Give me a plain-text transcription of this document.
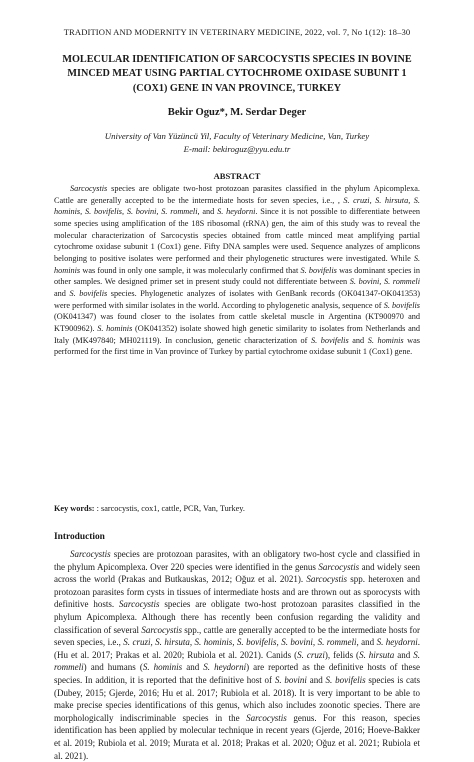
TRADITION AND MODERNITY IN VETERINARY MEDICINE, 2022, vol. 7, No 1(12): 18–30
MOLECULAR IDENTIFICATION OF SARCOCYSTIS SPECIES IN BOVINE
MINCED MEAT USING PARTIAL CYTOCHROME OXIDASE SUBUNIT 1
(COX1) GENE IN VAN PROVINCE, TURKEY

Bekir Oguz*, M. Serdar Deger

University of Van Yüzüncü Yil, Faculty of Veterinary Medicine, Van, Turkey
E-mail: bekiroguz@yyu.edu.tr

ABSTRACT

Sarcocystis species are obligate two-host protozoan parasites classified in the phylum Apicomplexa. Cattle are generally accepted to be the intermediate hosts for seven species, i.e., , S. cruzi, S. hirsuta, S. hominis, S. bovifelis, S. bovini, S. rommeli, and S. heydorni. Since it is not possible to differentiate between some species using amplification of the 18S ribosomal (rRNA) gen, the aim of this study was to reveal the molecular characterization of Sarcocystis species obtained from cattle minced meat amplifying partial cytochrome oxidase subunit 1 (Cox1) gene. Fifty DNA samples were used. Sequence analyzes of amplicons belonging to positive isolates were performed and their phylogenetic structures were investigated. While S. hominis was found in only one sample, it was molecularly confirmed that S. bovifelis was dominant species in other samples. We designed primer set in present study could not differentiate between S. bovini, S. rommeli and S. bovifelis species. Phylogenetic analyzes of isolates with GenBank records (OK041347-OK041353) were performed with similar isolates in the world. According to phylogenetic analysis, sequence of S. bovifelis (OK041347) was found closer to the isolates from cattle skeletal muscle in Argentina (KT900970 and KT900962). S. hominis (OK041352) isolate showed high genetic similarity to isolates from Netherlands and Italy (MK497840; MH021119). In conclusion, genetic characterization of S. bovifelis and S. hominis was performed for the first time in Van province of Turkey by partial cytochrome oxidase subunit 1 (Cox1) gene.

Key words: : sarcocystis, cox1, cattle, PCR, Van, Turkey.

Introduction

Sarcocystis species are protozoan parasites, with an obligatory two-host cycle and classified in the phylum Apicomplexa. Over 220 species were identified in the genus Sarcocystis and widely seen across the world (Prakas and Butkauskas, 2012; Oğuz et al. 2021). Sarcocystis spp. heteroxen and protozoan parasites form cysts in tissues of intermediate hosts and are thrown out as sporocysts with definitive hosts. Sarcocystis species are obligate two-host protozoan parasites classified in the phylum Apicomplexa. Although there has recently been confusion regarding the validity and classification of several Sarcocystis spp., cattle are generally accepted to be the intermediate hosts for seven species, i.e., S. cruzi, S. hirsuta, S. hominis, S. bovifelis, S. bovini, S. rommeli, and S. heydorni. (Hu et al. 2017; Prakas et al. 2020; Rubiola et al. 2021). Canids (S. cruzi), felids (S. hirsuta and S. rommeli) and humans (S. hominis and S. heydorni) are reported as the definitive hosts of these species. In addition, it is reported that the definitive host of S. bovini and S. bovifelis species is cats (Dubey, 2015; Gjerde, 2016; Hu et al. 2017; Rubiola et al. 2018). It is very important to be able to make precise species identifications of this genus, which also includes zoonotic species. There are morphologically indiscriminable species in the Sarcocystis genus. For this reason, species identification has been applied by molecular technique in recent years (Gjerde, 2016; Hoeve-Bakker et al. 2019; Rubiola et al. 2019; Murata et al. 2018; Prakas et al. 2020; Oğuz et al. 2021; Rubiola et al. 2021).
